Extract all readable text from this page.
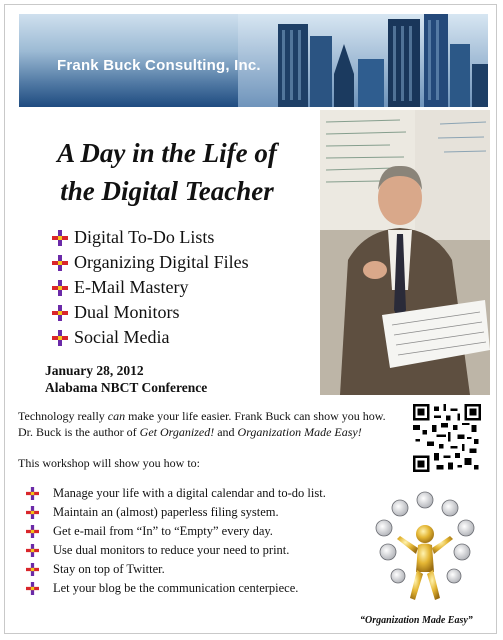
Frank Buck Consulting, Inc.
A Day in the Life of
the Digital Teacher
Digital To-Do Lists
Organizing Digital Files
E-Mail Mastery
Dual Monitors
Social Media
January 28, 2012
Alabama NBCT Conference
Technology really can make your life easier. Frank Buck can show you how.
Dr. Buck is the author of Get Organized! and Organization Made Easy!
This workshop will show you how to:
Manage your life with a digital calendar and to-do list.
Maintain an (almost) paperless filing system.
Get e-mail from “In” to “Empty” every day.
Use dual monitors to reduce your need to print.
Stay on top of Twitter.
Let your blog be the communication centerpiece.
“Organization Made Easy”
